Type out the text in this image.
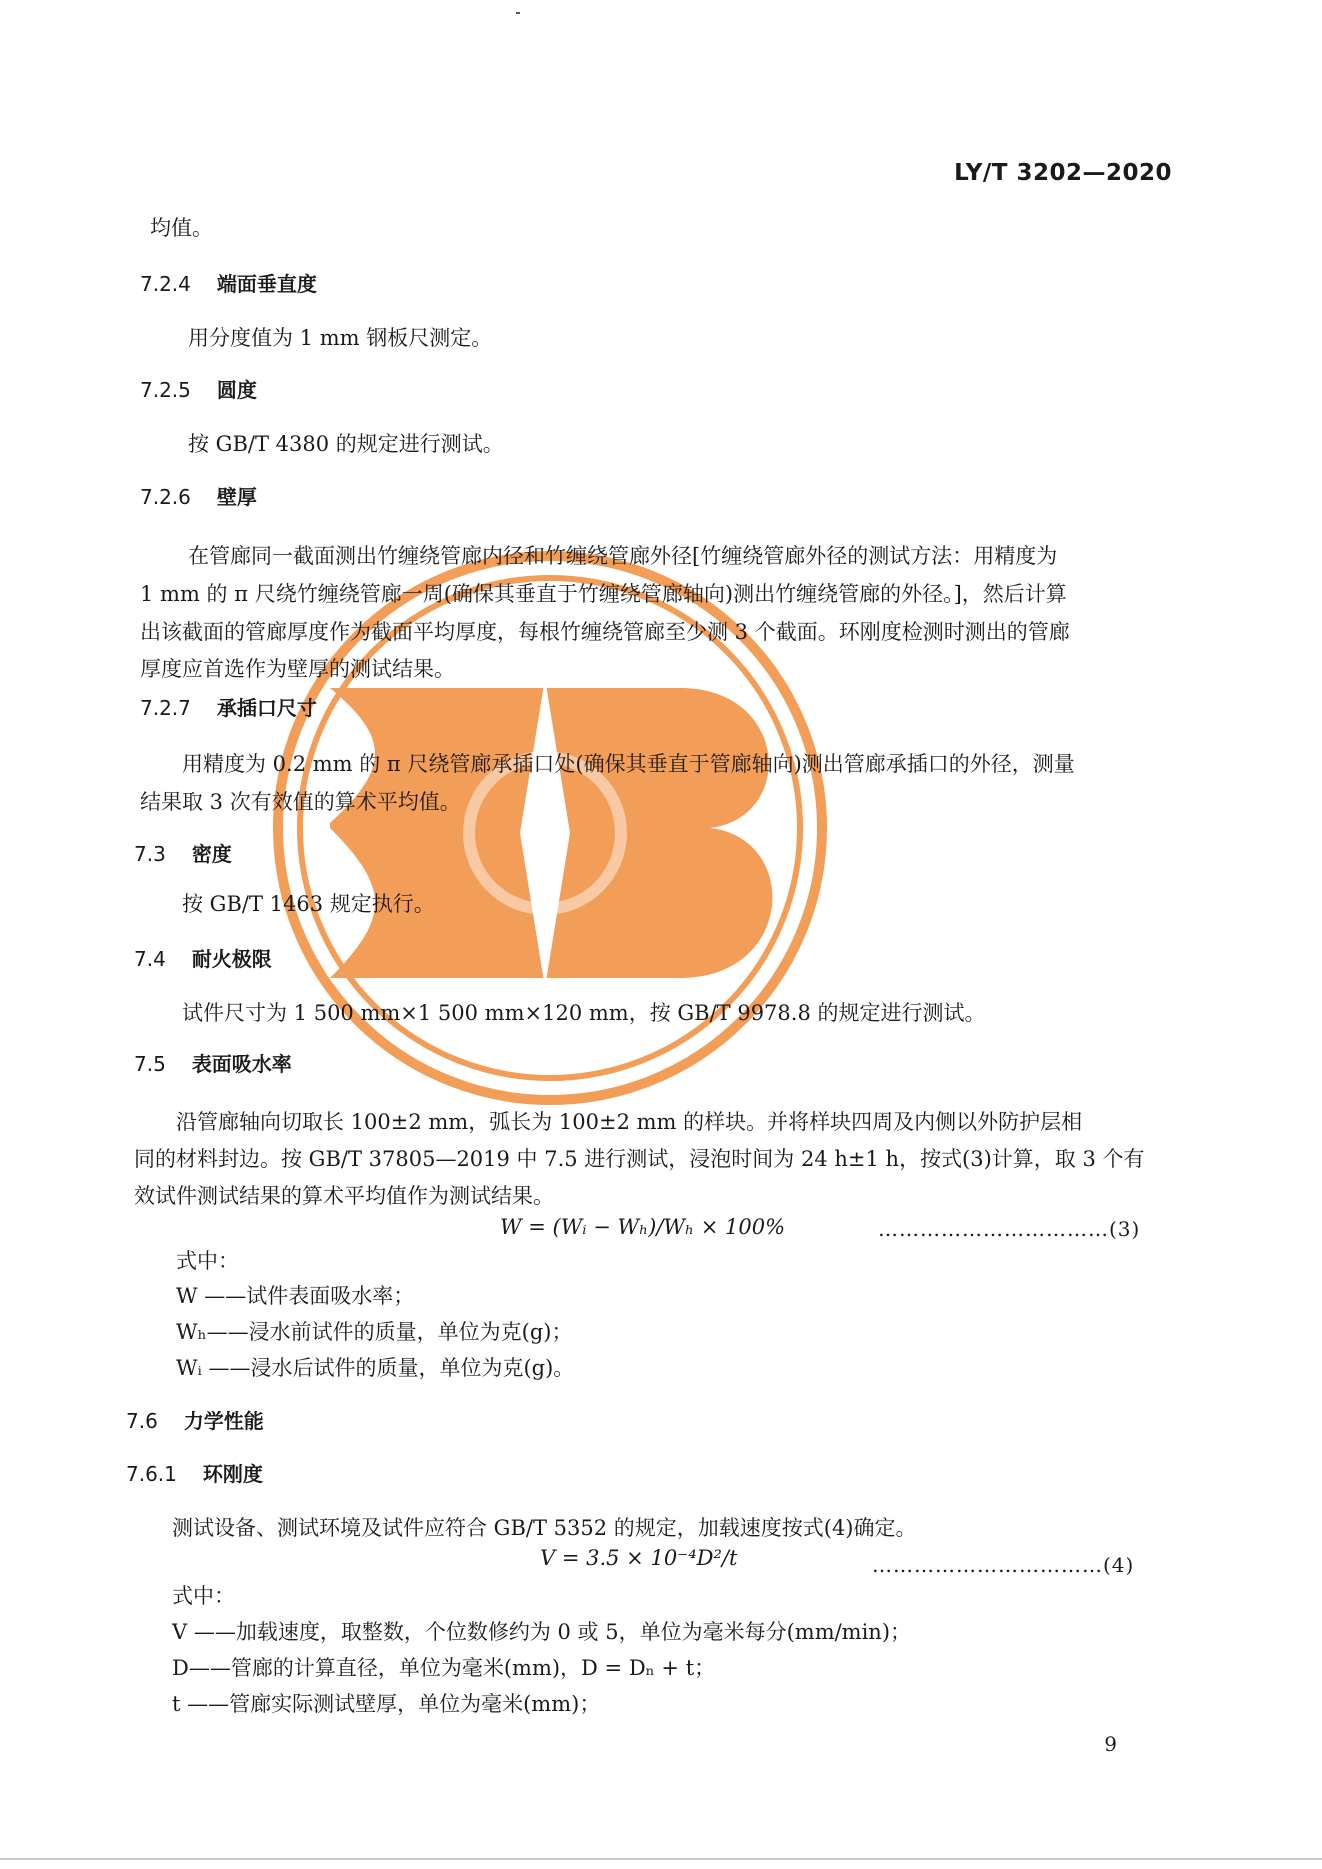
LY/T 3202—2020
均值。
7.2.4 端面垂直度
用分度值为 1 mm 钢板尺测定。
7.2.5 圆度
按 GB/T 4380 的规定进行测试。
7.2.6 壁厚
在管廊同一截面测出竹缠绕管廊内径和竹缠绕管廊外径[竹缠绕管廊外径的测试方法：用精度为
1 mm 的 π 尺绕竹缠绕管廊一周(确保其垂直于竹缠绕管廊轴向)测出竹缠绕管廊的外径。]，然后计算
出该截面的管廊厚度作为截面平均厚度，每根竹缠绕管廊至少测 3 个截面。环刚度检测时测出的管廊
厚度应首选作为壁厚的测试结果。
7.2.7 承插口尺寸
用精度为 0.2 mm 的 π 尺绕管廊承插口处(确保其垂直于管廊轴向)测出管廊承插口的外径，测量
结果取 3 次有效值的算术平均值。
7.3 密度
按 GB/T 1463 规定执行。
7.4 耐火极限
试件尺寸为 1 500 mm×1 500 mm×120 mm，按 GB/T 9978.8 的规定进行测试。
7.5 表面吸水率
沿管廊轴向切取长 100±2 mm，弧长为 100±2 mm 的样块。并将样块四周及内侧以外防护层相
同的材料封边。按 GB/T 37805—2019 中 7.5 进行测试，浸泡时间为 24 h±1 h，按式(3)计算，取 3 个有
效试件测试结果的算术平均值作为测试结果。
W = (Wᵢ − Wₕ)/Wₕ × 100%	……………………………(3)
式中：
W ——试件表面吸水率；
Wₕ——浸水前试件的质量，单位为克(g)；
Wᵢ ——浸水后试件的质量，单位为克(g)。
7.6 力学性能
7.6.1 环刚度
测试设备、测试环境及试件应符合 GB/T 5352 的规定，加载速度按式(4)确定。
V = 3.5 × 10⁻⁴D²/t	……………………………(4)
式中：
V ——加载速度，取整数，个位数修约为 0 或 5，单位为毫米每分(mm/min)；
D——管廊的计算直径，单位为毫米(mm)，D = Dₙ + t；
t ——管廊实际测试壁厚，单位为毫米(mm)；
9
